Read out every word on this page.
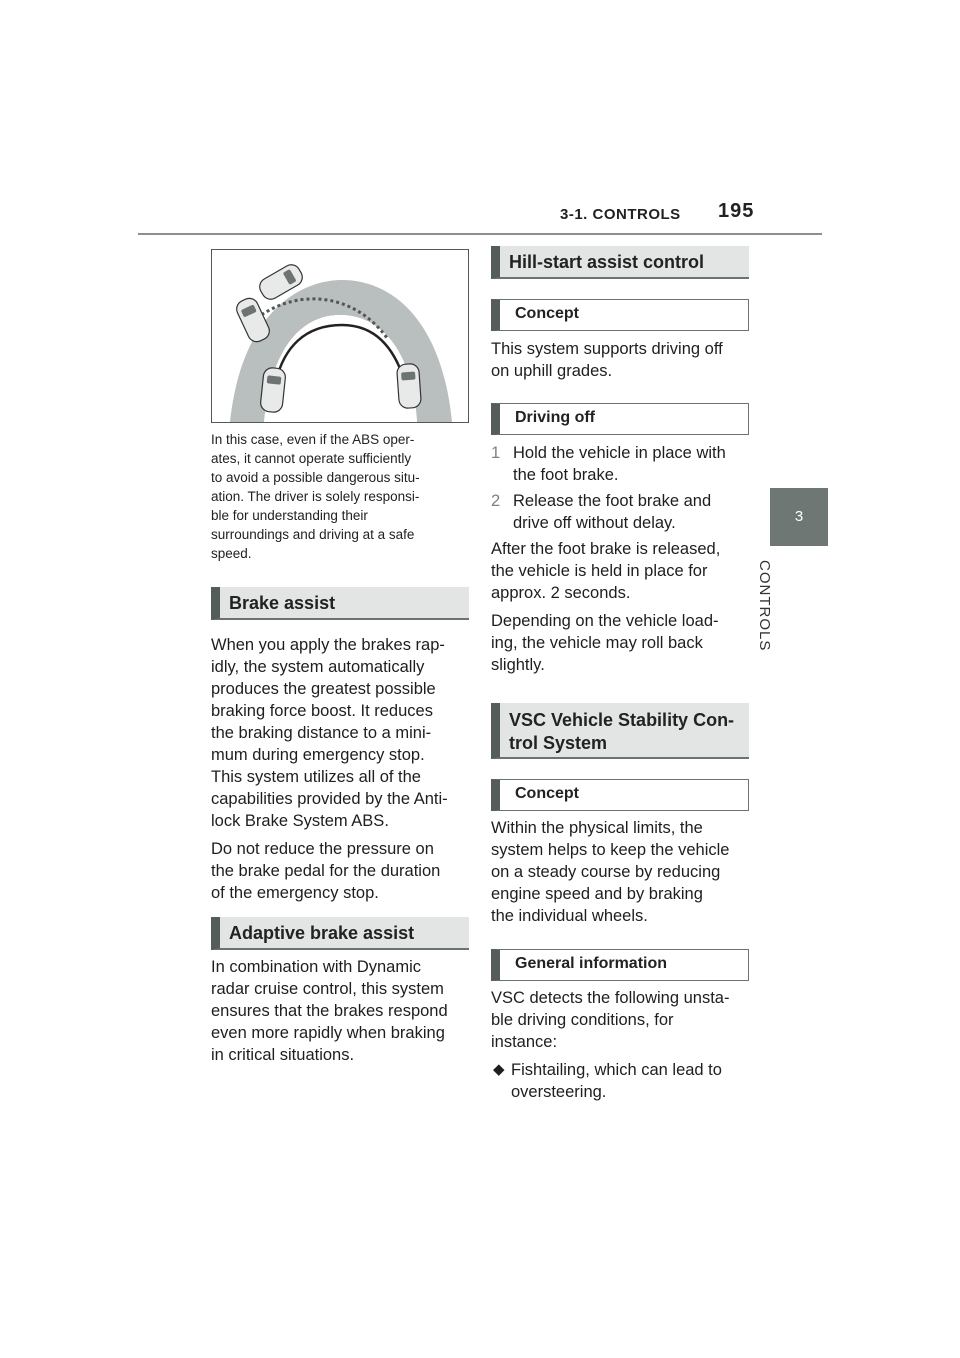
3-1. CONTROLS 195
3
CONTROLS
In this case, even if the ABS oper-
ates, it cannot operate sufficiently
to avoid a possible dangerous situ-
ation. The driver is solely responsi-
ble for understanding their
surroundings and driving at a safe
speed.
Brake assist

When you apply the brakes rap-
idly, the system automatically
produces the greatest possible
braking force boost. It reduces
the braking distance to a mini-
mum during emergency stop.
This system utilizes all of the
capabilities provided by the Anti-
lock Brake System ABS.

Do not reduce the pressure on
the brake pedal for the duration
of the emergency stop.

Adaptive brake assist

In combination with Dynamic
radar cruise control, this system
ensures that the brakes respond
even more rapidly when braking
in critical situations.

Hill-start assist control
Concept

This system supports driving off
on uphill grades.

Driving off
1 Hold the vehicle in place with
the foot brake.
2 Release the foot brake and
drive off without delay.

After the foot brake is released,
the vehicle is held in place for
approx. 2 seconds.

Depending on the vehicle load-
ing, the vehicle may roll back
slightly.

VSC Vehicle Stability Con-
trol System
Concept

Within the physical limits, the
system helps to keep the vehicle
on a steady course by reducing
engine speed and by braking
the individual wheels.

General information

VSC detects the following unsta-
ble driving conditions, for
instance:

◆ Fishtailing, which can lead to
oversteering.
